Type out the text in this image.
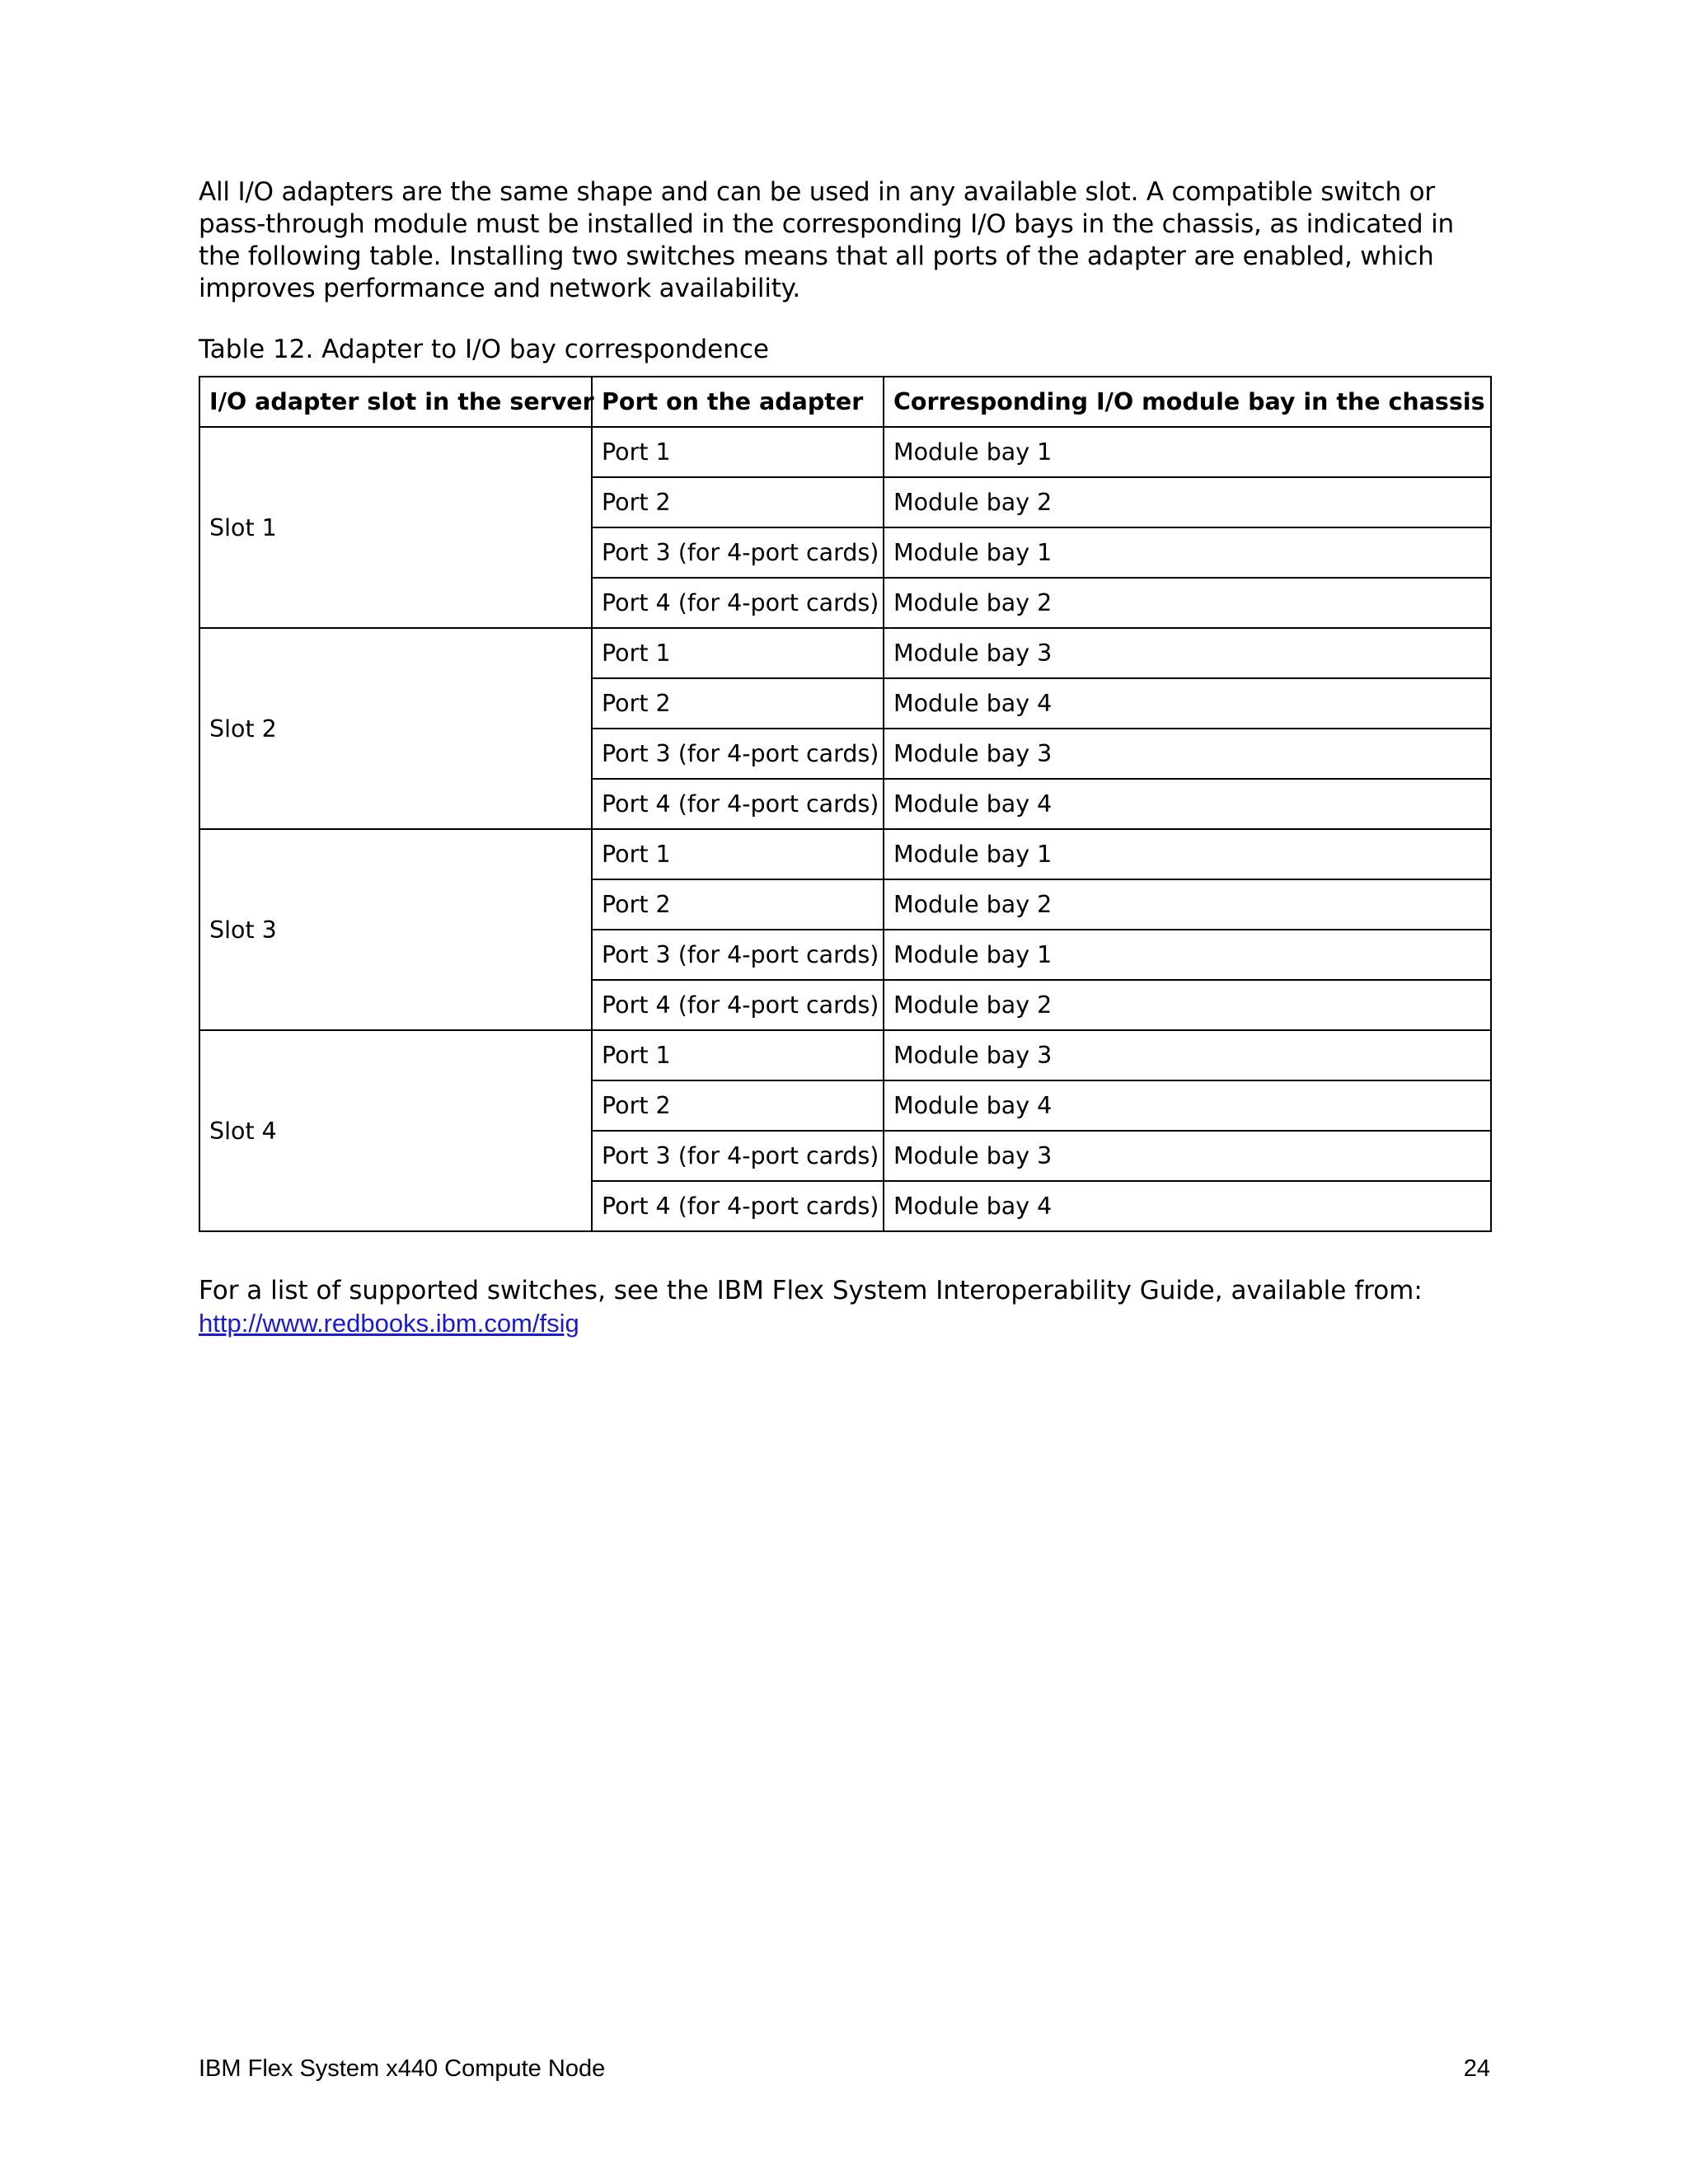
All I/O adapters are the same shape and can be used in any available slot. A compatible switch or pass-through module must be installed in the corresponding I/O bays in the chassis, as indicated in the following table. Installing two switches means that all ports of the adapter are enabled, which improves performance and network availability.

Table 12. Adapter to I/O bay correspondence
I/O adapter slot in the server	Port on the adapter	Corresponding I/O module bay in the chassis
Slot 1	Port 1	Module bay 1
	Port 2	Module bay 2
	Port 3 (for 4-port cards)	Module bay 1
	Port 4 (for 4-port cards)	Module bay 2
Slot 2	Port 1	Module bay 3
	Port 2	Module bay 4
	Port 3 (for 4-port cards)	Module bay 3
	Port 4 (for 4-port cards)	Module bay 4
Slot 3	Port 1	Module bay 1
	Port 2	Module bay 2
	Port 3 (for 4-port cards)	Module bay 1
	Port 4 (for 4-port cards)	Module bay 2
Slot 4	Port 1	Module bay 3
	Port 2	Module bay 4
	Port 3 (for 4-port cards)	Module bay 3
	Port 4 (for 4-port cards)	Module bay 4

For a list of supported switches, see the IBM Flex System Interoperability Guide, available from:
http://www.redbooks.ibm.com/fsig

IBM Flex System x440 Compute Node	24
